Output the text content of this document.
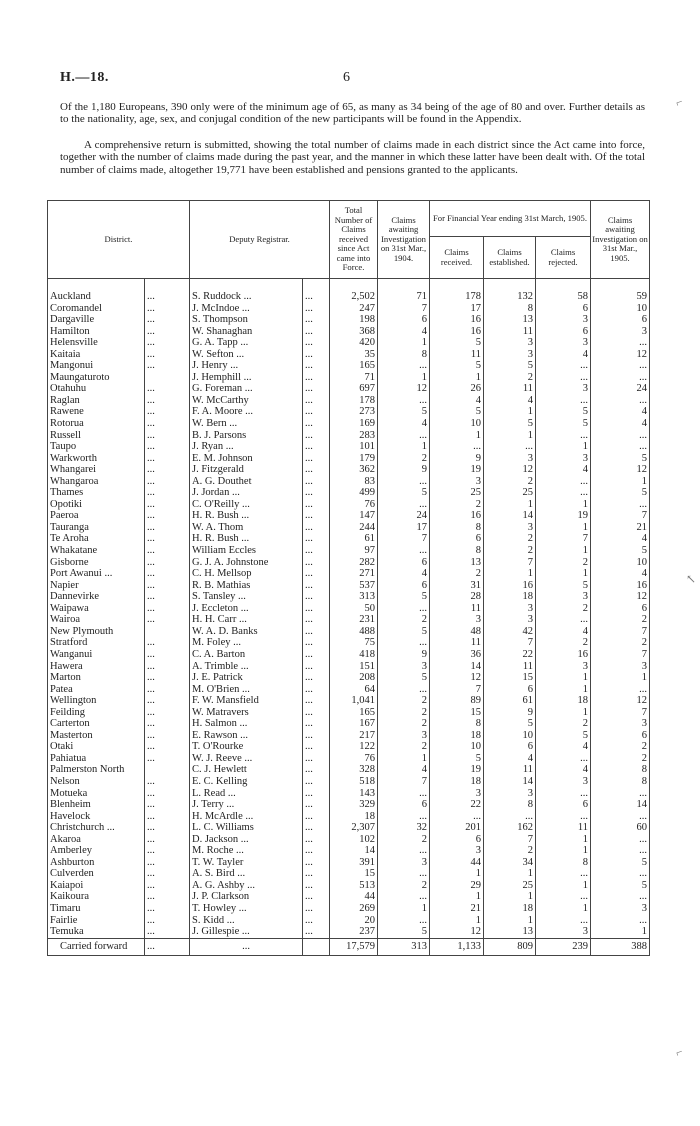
H.—18.	6

Of the 1,180 Europeans, 390 only were of the minimum age of 65, as many as 34 being of the age of 80 and over. Further details as to the nationality, age, sex, and conjugal condition of the new participants will be found in the Appendix.

A comprehensive return is submitted, showing the total number of claims made in each district since the Act came into force, together with the number of claims made during the past year, and the manner in which these latter have been dealt with. Of the total number of claims made, altogether 19,771 have been established and pensions granted to the applicants.

District.		Deputy Registrar.		Total Number of Claims received since Act came into Force.	Claims awaiting Investigation on 31st Mar., 1904.	For Financial Year ending 31st March, 1905.			Claims awaiting Investigation on 31st Mar., 1905.
						Claims received.	Claims established.	Claims rejected.	

Auckland	...	S. Ruddock ...	...	2,502	71	178	132	58	59
Coromandel	...	J. McIndoe ...	...	247	7	17	8	6	10
Dargaville	...	S. Thompson	...	198	6	16	13	3	6
Hamilton	...	W. Shanaghan	...	368	4	16	11	6	3
Helensville	...	G. A. Tapp ...	...	420	1	5	3	3	...
Kaitaia	...	W. Sefton ...	...	35	8	11	3	4	12
Mangonui	...	J. Henry ...	...	165	...	5	5	...	...
Maungaturoto		J. Hemphill ...	...	71	1	1	2	...	...
Otahuhu	...	G. Foreman ...	...	697	12	26	11	3	24
Raglan	...	W. McCarthy	...	178	...	4	4	...	...
Rawene	...	F. A. Moore ...	...	273	5	5	1	5	4
Rotorua	...	W. Bern ...	...	169	4	10	5	5	4
Russell	...	B. J. Parsons	...	283	...	1	1	...	...
Taupo	...	J. Ryan ...	...	101	1	...	...	1	...
Warkworth	...	E. M. Johnson	...	179	2	9	3	3	5
Whangarei	...	J. Fitzgerald	...	362	9	19	12	4	12
Whangaroa	...	A. G. Douthet	...	83	...	3	2	...	1
Thames	...	J. Jordan ...	...	499	5	25	25	...	5
Opotiki	...	C. O'Reilly ...	...	76	...	2	1	1	...
Paeroa	...	H. R. Bush ...	...	147	24	16	14	19	7
Tauranga	...	W. A. Thom	...	244	17	8	3	1	21
Te Aroha	...	H. R. Bush ...	...	61	7	6	2	7	4
Whakatane	...	William Eccles	...	97	...	8	2	1	5
Gisborne	...	G. J. A. Johnstone	...	282	6	13	7	2	10
Port Awanui ...	...	C. H. Mellsop	...	271	4	2	1	1	4
Napier	...	R. B. Mathias	...	537	6	31	16	5	16
Dannevirke	...	S. Tansley ...	...	313	5	28	18	3	12
Waipawa	...	J. Eccleton ...	...	50	...	11	3	2	6
Wairoa	...	H. H. Carr ...	...	231	2	3	3	...	2
New Plymouth		W. A. D. Banks	...	488	5	48	42	4	7
Stratford	...	M. Foley ...	...	75	...	11	7	2	2
Wanganui	...	C. A. Barton	...	418	9	36	22	16	7
Hawera	...	A. Trimble ...	...	151	3	14	11	3	3
Marton	...	J. E. Patrick	...	208	5	12	15	1	1
Patea	...	M. O'Brien ...	...	64	...	7	6	1	...
Wellington	...	F. W. Mansfield	...	1,041	2	89	61	18	12
Feilding	...	W. Matravers	...	165	2	15	9	1	7
Carterton	...	H. Salmon ...	...	167	2	8	5	2	3
Masterton	...	E. Rawson ...	...	217	3	18	10	5	6
Otaki	...	T. O'Rourke	...	122	2	10	6	4	2
Pahiatua	...	W. J. Reeve ...	...	76	1	5	4	...	2
Palmerston North		C. J. Hewlett	...	328	4	19	11	4	8
Nelson	...	E. C. Kelling	...	518	7	18	14	3	8
Motueka	...	L. Read ...	...	143	...	3	3	...	...
Blenheim	...	J. Terry ...	...	329	6	22	8	6	14
Havelock	...	H. McArdle ...	...	18	...	...	...	...	...
Christchurch ...	...	L. C. Williams	...	2,307	32	201	162	11	60
Akaroa	...	D. Jackson ...	...	102	2	6	7	1	...
Amberley	...	M. Roche ...	...	14	...	3	2	1	...
Ashburton	...	T. W. Tayler	...	391	3	44	34	8	5
Culverden	...	A. S. Bird ...	...	15	...	1	1	...	...
Kaiapoi	...	A. G. Ashby ...	...	513	2	29	25	1	5
Kaikoura	...	J. P. Clarkson	...	44	...	1	1	...	...
Timaru	...	T. Howley ...	...	269	1	21	18	1	3
Fairlie	...	S. Kidd ...	...	20	...	1	1	...	...
Temuka	...	J. Gillespie ...	...	237	5	12	13	3	1
Carried forward	...	...		17,579	313	1,133	809	239	388
⌐
↖
⌐
